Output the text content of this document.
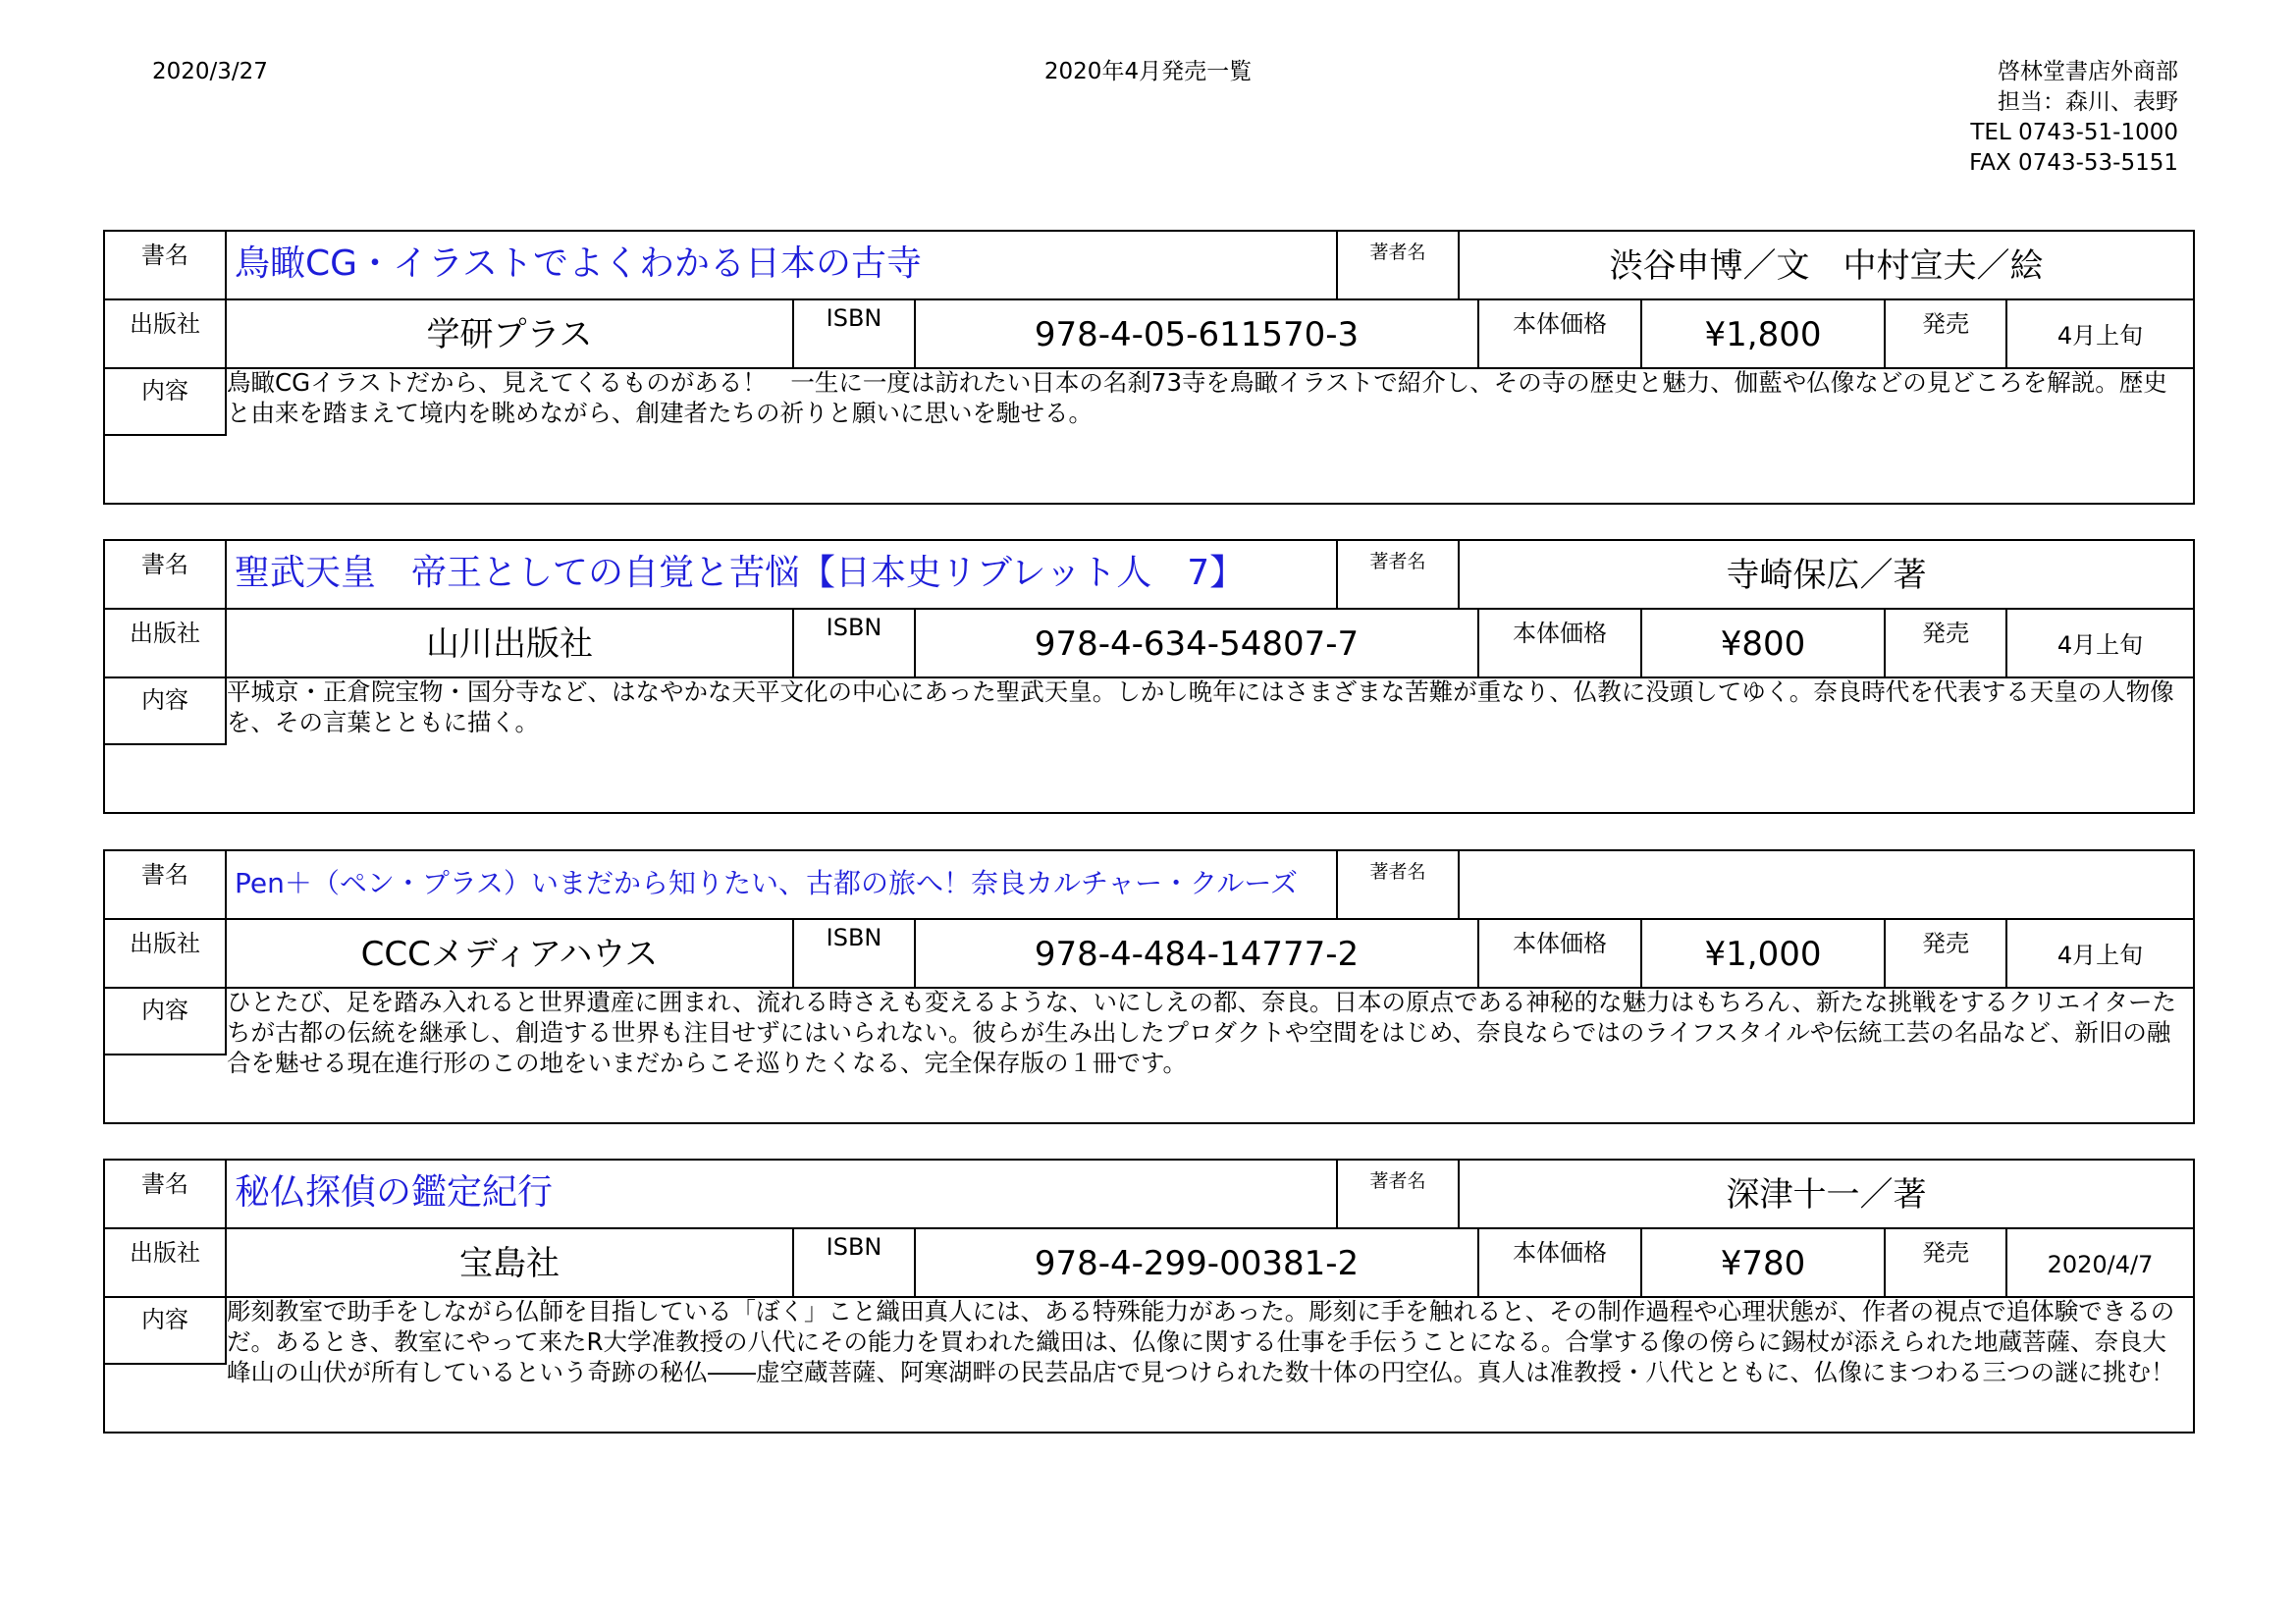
2020/3/27	2020年4月発売一覧	啓林堂書店外商部
担当：森川、表野
TEL 0743-51-1000
FAX 0743-53-5151
書名	鳥瞰CG・イラストでよくわかる日本の古寺	著者名	渋谷申博／文　中村宣夫／絵
出版社	学研プラス	ISBN	978-4-05-611570-3	本体価格	¥1,800	発売	4月上旬
内容	鳥瞰CGイラストだから、見えてくるものがある！　一生に一度は訪れたい日本の名刹73寺を鳥瞰イラストで紹介し、その寺の歴史と魅力、伽藍や仏像などの見どころを解説。歴史と由来を踏まえて境内を眺めながら、創建者たちの祈りと願いに思いを馳せる。
書名	聖武天皇　帝王としての自覚と苦悩【日本史リブレット人　7】	著者名	寺崎保広／著
出版社	山川出版社	ISBN	978-4-634-54807-7	本体価格	¥800	発売	4月上旬
内容	平城京・正倉院宝物・国分寺など、はなやかな天平文化の中心にあった聖武天皇。しかし晩年にはさまざまな苦難が重なり、仏教に没頭してゆく。奈良時代を代表する天皇の人物像を、その言葉とともに描く。
書名	Pen＋（ペン・プラス）いまだから知りたい、古都の旅へ！奈良カルチャー・クルーズ	著者名
出版社	CCCメディアハウス	ISBN	978-4-484-14777-2	本体価格	¥1,000	発売	4月上旬
内容	ひとたび、足を踏み入れると世界遺産に囲まれ、流れる時さえも変えるような、いにしえの都、奈良。日本の原点である神秘的な魅力はもちろん、新たな挑戦をするクリエイターたちが古都の伝統を継承し、創造する世界も注目せずにはいられない。彼らが生み出したプロダクトや空間をはじめ、奈良ならではのライフスタイルや伝統工芸の名品など、新旧の融合を魅せる現在進行形のこの地をいまだからこそ巡りたくなる、完全保存版の１冊です。
書名	秘仏探偵の鑑定紀行	著者名	深津十一／著
出版社	宝島社	ISBN	978-4-299-00381-2	本体価格	¥780	発売	2020/4/7
内容	彫刻教室で助手をしながら仏師を目指している「ぼく」こと織田真人には、ある特殊能力があった。彫刻に手を触れると、その制作過程や心理状態が、作者の視点で追体験できるのだ。あるとき、教室にやって来たR大学准教授の八代にその能力を買われた織田は、仏像に関する仕事を手伝うことになる。合掌する像の傍らに錫杖が添えられた地蔵菩薩、奈良大峰山の山伏が所有しているという奇跡の秘仏――虚空蔵菩薩、阿寒湖畔の民芸品店で見つけられた数十体の円空仏。真人は准教授・八代とともに、仏像にまつわる三つの謎に挑む！
